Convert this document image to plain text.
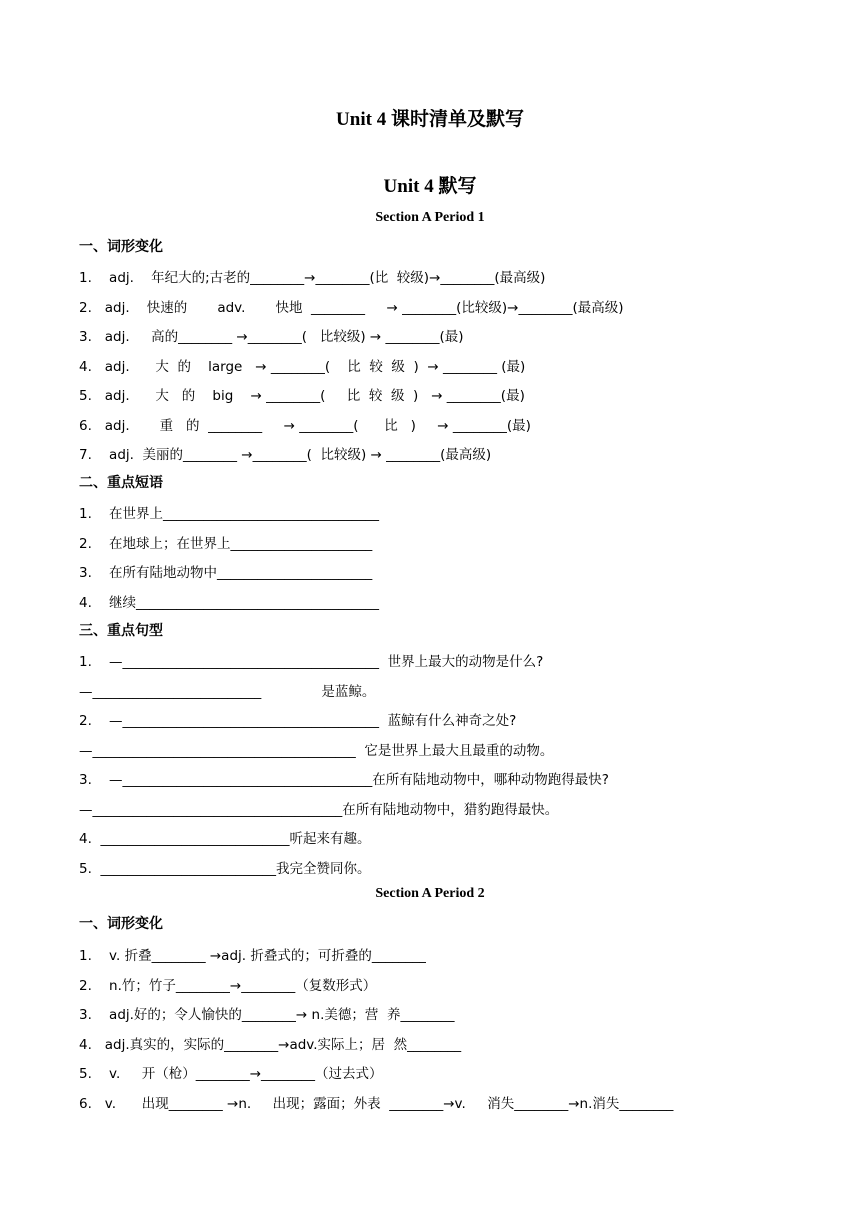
Unit 4 课时清单及默写
Unit 4 默写
Section A Period 1
一、词形变化
1.    adj.    年纪大的;古老的________→________(比  较级)→________(最高级)
2.   adj.    快速的       adv.       快地  ________     → ________(比较级)→________(最高级)
3.   adj.     高的________ →________(   比较级) → ________(最)
4.   adj.      大  的    large   → ________(    比  较  级  )  → ________ (最)
5.   adj.      大   的    big    → ________(     比  较  级  )   → ________(最)
6.   adj.       重   的  ________     → ________(      比   )     → ________(最)
7.    adj.  美丽的________ →________(  比较级) → ________(最高级)
二、重点短语
1.    在世界上________________________________
2.    在地球上；在世界上_____________________
3.    在所有陆地动物中_______________________
4.    继续____________________________________
三、重点句型
1.    —______________________________________  世界上最大的动物是什么?
—_________________________              是蓝鲸。
2.    —______________________________________  蓝鲸有什么神奇之处?
—_______________________________________  它是世界上最大且最重的动物。
3.    —_____________________________________在所有陆地动物中，哪种动物跑得最快?
—_____________________________________在所有陆地动物中，猎豹跑得最快。
4.  ____________________________听起来有趣。
5.  __________________________我完全赞同你。
Section A Period 2
一、词形变化
1.    v. 折叠________ →adj. 折叠式的；可折叠的________
2.    n.竹；竹子________→________（复数形式）
3.    adj.好的；令人愉快的________→ n.美德；营  养________
4.   adj.真实的，实际的________→adv.实际上；居  然________
5.    v.     开（枪）________→________（过去式）
6.   v.      出现________ →n.     出现；露面；外表  ________→v.     消失________→n.消失________
